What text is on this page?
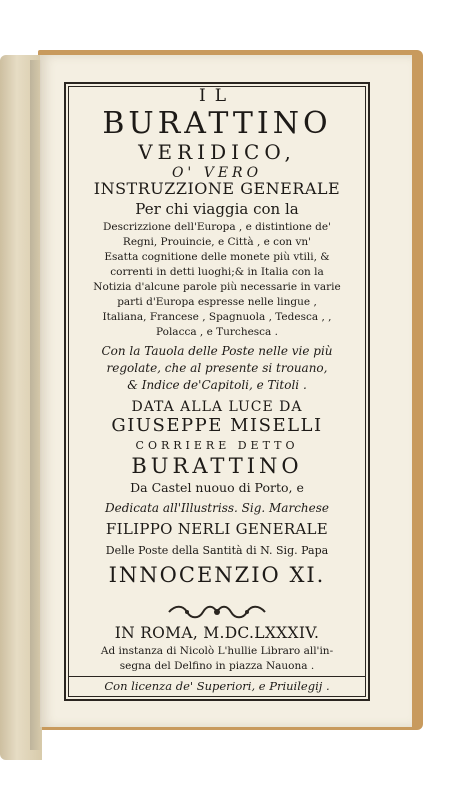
IL
BURATTINO
VERIDICO,
O' VERO
INSTRUZZIONE GENERALE
Per chi viaggia con la
Descrizzione dell'Europa , e distintione de'
Regni, Prouincie, e Città , e con vn'
Esatta cognitione delle monete più vtili, &
correnti in detti luoghi;& in Italia con la
Notizia d'alcune parole più necessarie in varie
parti d'Europa espresse nelle lingue ,
Italiana, Francese , Spagnuola , Tedesca , ,
Polacca , e Turchesca .
Con la Tauola delle Poste nelle vie più
regolate, che al presente si trouano,
& Indice de'Capitoli, e Titoli .
DATA ALLA LUCE DA
GIUSEPPE MISELLI
CORRIERE DETTO
BURATTINO
Da Castel nuouo di Porto, e
Dedicata all'Illustriss. Sig. Marchese
FILIPPO NERLI GENERALE
Delle Poste della Santità di N. Sig. Papa
INNOCENZIO XI.
IN ROMA, M.DC.LXXXIV.
Ad instanza di Nicolò L'hullie Libraro all'in-
segna del Delfino in piazza Nauona .
Con licenza de' Superiori, e Priuilegij .
